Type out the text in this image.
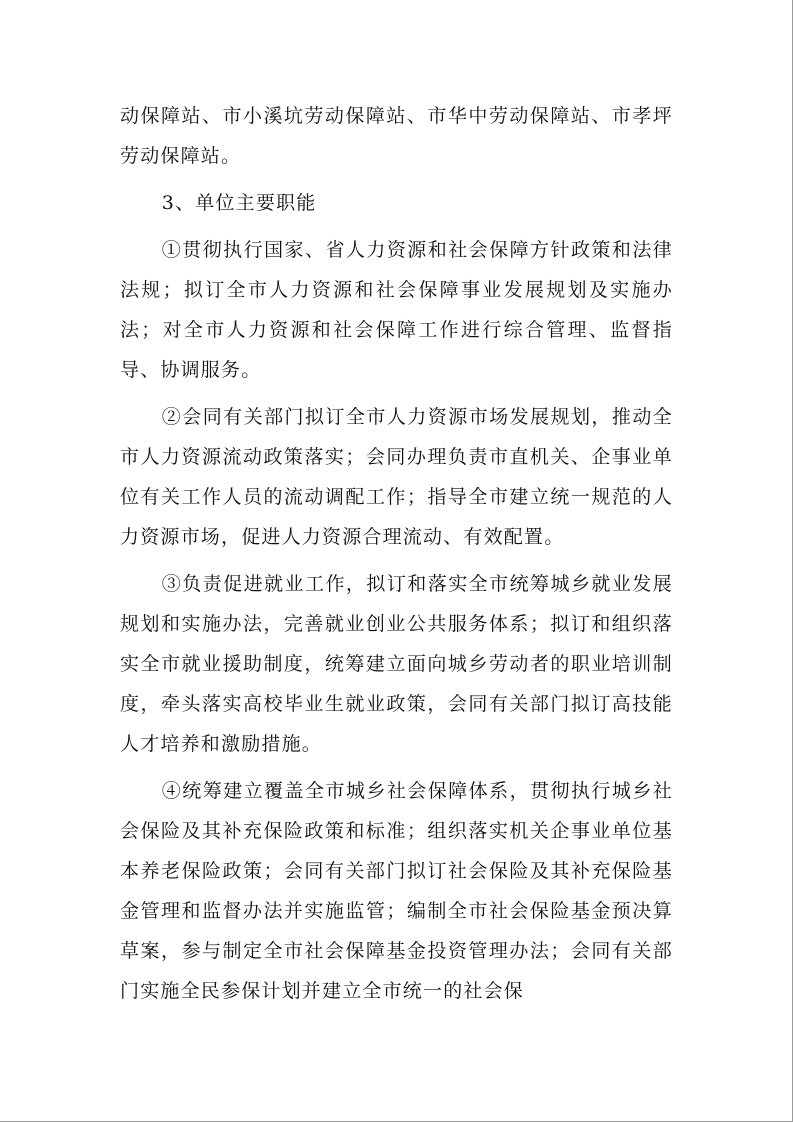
动保障站、市小溪坑劳动保障站、市华中劳动保障站、市孝坪劳动保障站。

3、单位主要职能

①贯彻执行国家、省人力资源和社会保障方针政策和法律法规；拟订全市人力资源和社会保障事业发展规划及实施办法；对全市人力资源和社会保障工作进行综合管理、监督指导、协调服务。

②会同有关部门拟订全市人力资源市场发展规划，推动全市人力资源流动政策落实；会同办理负责市直机关、企事业单位有关工作人员的流动调配工作；指导全市建立统一规范的人力资源市场，促进人力资源合理流动、有效配置。

③负责促进就业工作，拟订和落实全市统筹城乡就业发展规划和实施办法，完善就业创业公共服务体系；拟订和组织落实全市就业援助制度，统筹建立面向城乡劳动者的职业培训制度，牵头落实高校毕业生就业政策，会同有关部门拟订高技能人才培养和激励措施。

④统筹建立覆盖全市城乡社会保障体系，贯彻执行城乡社会保险及其补充保险政策和标准；组织落实机关企事业单位基本养老保险政策；会同有关部门拟订社会保险及其补充保险基金管理和监督办法并实施监管；编制全市社会保险基金预决算草案，参与制定全市社会保障基金投资管理办法；会同有关部门实施全民参保计划并建立全市统一的社会保
